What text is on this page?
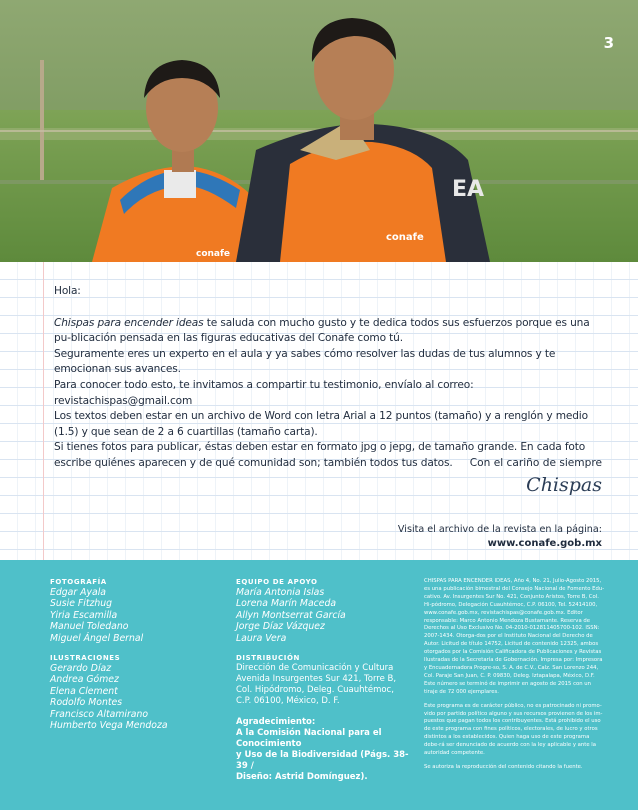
conafe
conafe
EA
3

Hola:

Chispas para encender ideas te saluda con mucho gusto y te dedica todos sus esfuerzos porque es una pu-blicación pensada en las figuras educativas del Conafe como tú.

Seguramente eres un experto en el aula y ya sabes cómo resolver las dudas de tus alumnos y te emocionan sus avances.

Para conocer todo esto, te invitamos a compartir tu testimonio, envíalo al correo: revistachispas@gmail.com

Los textos deben estar en un archivo de Word con letra Arial a 12 puntos (tamaño) y a renglón y medio (1.5) y que sean de 2 a 6 cuartillas (tamaño carta).

Si tienes fotos para publicar, éstas deben estar en formato jpg o jepg, de tamaño grande. En cada foto escribe quiénes aparecen y de qué comunidad son; también todos tus datos.	Con el cariño de siempre
Chispas
Visita el archivo de la revista en la página:
www.conafe.gob.mx
FOTOGRAFÍA
Edgar Ayala
Susie Fitzhug
Yiria Escamilla
Manuel Toledano
Miguel Ángel Bernal
ILUSTRACIONES
Gerardo Díaz
Andrea Gómez
Elena Clement
Rodolfo Montes
Francisco Altamirano
Humberto Vega Mendoza
EQUIPO DE APOYO
María Antonia Islas
Lorena Marín Maceda
Allyn Montserrat García
Jorge Díaz Vázquez
Laura Vera
DISTRIBUCIÓN
Dirección de Comunicación y Cultura
Avenida Insurgentes Sur 421, Torre B,
Col. Hipódromo, Deleg. Cuauhtémoc,
C.P. 06100, México, D. F.
Agradecimiento:
A la Comisión Nacional para el Conocimiento
y Uso de la Biodiversidad (Págs. 38-39 /
Diseño: Astrid Domínguez).

CHISPAS PARA ENCENDER IDEAS, Año 4, No. 21, Julio-Agosto 2015, es una publicación bimestral del Consejo Nacional de Fomento Edu-cativo. Av. Insurgentes Sur No. 421, Conjunto Aristos, Torre B, Col. Hi-pódromo, Delegación Cuauhtémoc, C.P. 06100, Tel. 52414100, www.conafe.gob.mx, revistachispas@conafe.gob.mx. Editor responsable: Marco Antonio Mendoza Bustamante. Reserva de Derechos al Uso Exclusivo No. 04-2010-012811405700-102. ISSN: 2007-1434. Otorga-dos por el Instituto Nacional del Derecho de Autor. Licitud de título 14752, Licitud de contenido 12325, ambos otorgados por la Comisión Calificadora de Publicaciones y Revistas Ilustradas de la Secretaría de Gobernación. Impresa por: Impresora y Encuadernadora Progre-so, S. A. de C.V., Calz. San Lorenzo 244, Col. Paraje San Juan, C. P. 09830, Deleg. Iztapalapa, México, D.F. Este número se terminó de imprimir en agosto de 2015 con un tiraje de 72 000 ejemplares.

Este programa es de carácter público, no es patrocinado ni promo-vido por partido político alguno y sus recursos provienen de los im-puestos que pagan todos los contribuyentes. Está prohibido el uso de este programa con fines políticos, electorales, de lucro y otros distintos a los establecidos. Quien haga uso de este programa debe-rá ser denunciado de acuerdo con la ley aplicable y ante la autoridad competente.

Se autoriza la reproducción del contenido citando la fuente.
